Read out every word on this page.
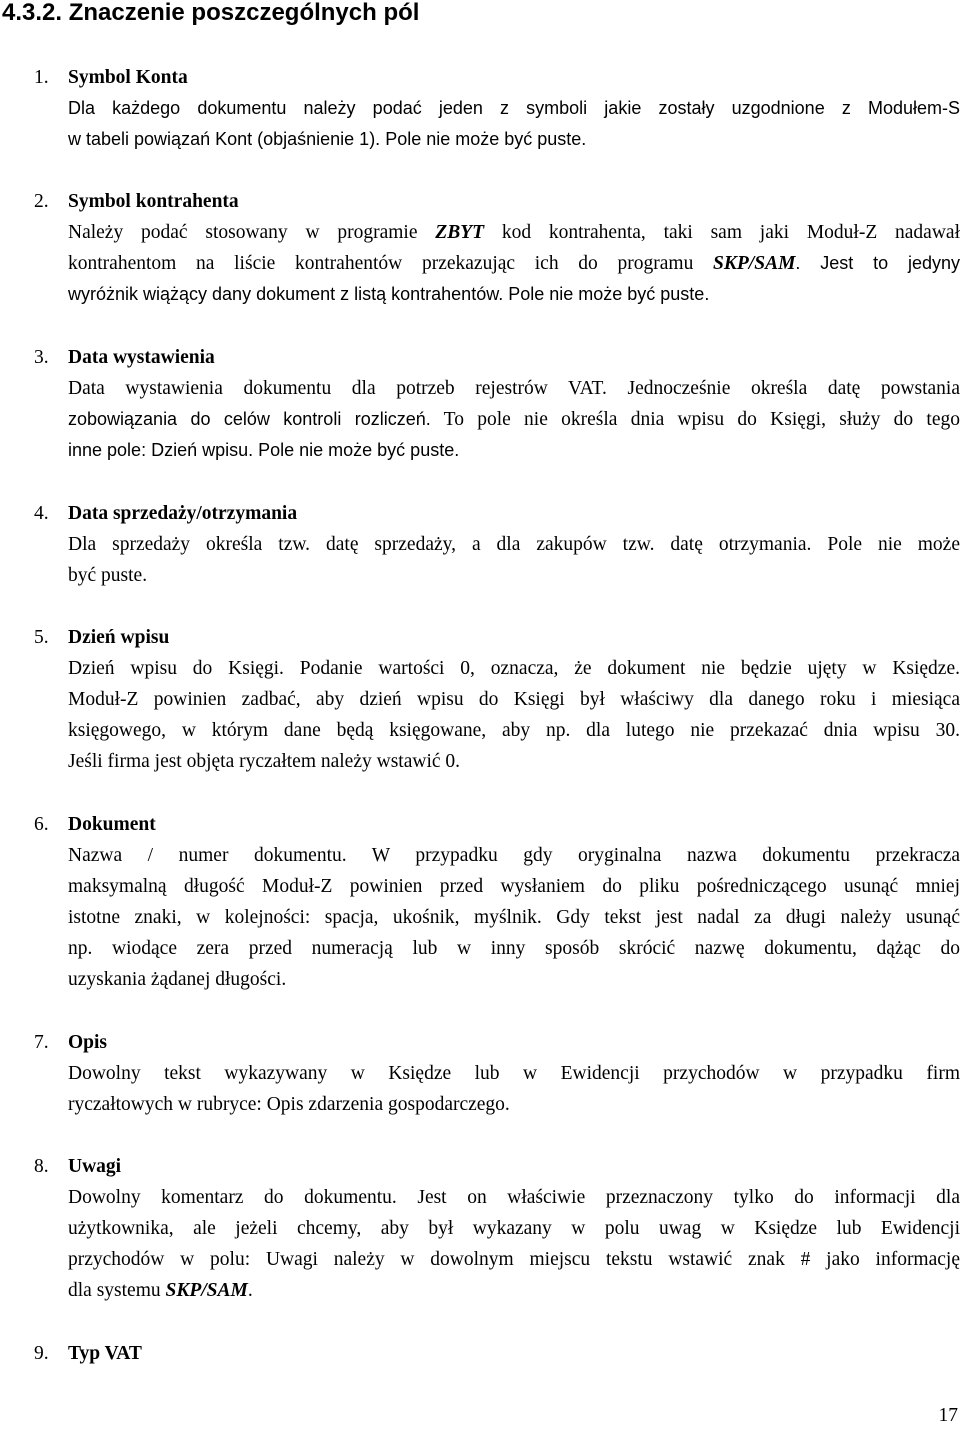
4.3.2. Znaczenie poszczególnych pól
1. Symbol Konta
Dla każdego dokumentu należy podać jeden z symboli jakie zostały uzgodnione z Modułem-S
w tabeli powiązań Kont (objaśnienie 1). Pole nie może być puste.
2. Symbol kontrahenta
Należy podać stosowany w programie ZBYT kod kontrahenta, taki sam jaki Moduł-Z nadawał
kontrahentom na liście kontrahentów przekazując ich do programu SKP/SAM. Jest to jedyny
wyróżnik wiążący dany dokument z listą kontrahentów. Pole nie może być puste.
3. Data wystawienia
Data wystawienia dokumentu dla potrzeb rejestrów VAT. Jednocześnie określa datę powstania
zobowiązania do celów kontroli rozliczeń. To pole nie określa dnia wpisu do Księgi, służy do tego
inne pole: Dzień wpisu. Pole nie może być puste.
4. Data sprzedaży/otrzymania
Dla sprzedaży określa tzw. datę sprzedaży, a dla zakupów tzw. datę otrzymania. Pole nie może
być puste.
5. Dzień wpisu
Dzień wpisu do Księgi. Podanie wartości 0, oznacza, że dokument nie będzie ujęty w Księdze.
Moduł-Z powinien zadbać, aby dzień wpisu do Księgi był właściwy dla danego roku i miesiąca
księgowego, w którym dane będą księgowane, aby np. dla lutego nie przekazać dnia wpisu 30.
Jeśli firma jest objęta ryczałtem należy wstawić 0.
6. Dokument
Nazwa / numer dokumentu. W przypadku gdy oryginalna nazwa dokumentu przekracza
maksymalną długość Moduł-Z powinien przed wysłaniem do pliku pośredniczącego usunąć mniej
istotne znaki, w kolejności: spacja, ukośnik, myślnik. Gdy tekst jest nadal za długi należy usunąć
np. wiodące zera przed numeracją lub w inny sposób skrócić nazwę dokumentu, dążąc do
uzyskania żądanej długości.
7. Opis
Dowolny tekst wykazywany w Księdze lub w Ewidencji przychodów w przypadku firm
ryczałtowych w rubryce: Opis zdarzenia gospodarczego.
8. Uwagi
Dowolny komentarz do dokumentu. Jest on właściwie przeznaczony tylko do informacji dla
użytkownika, ale jeżeli chcemy, aby był wykazany w polu uwag w Księdze lub Ewidencji
przychodów w polu: Uwagi należy w dowolnym miejscu tekstu wstawić znak # jako informację
dla systemu SKP/SAM.
9. Typ VAT
17
